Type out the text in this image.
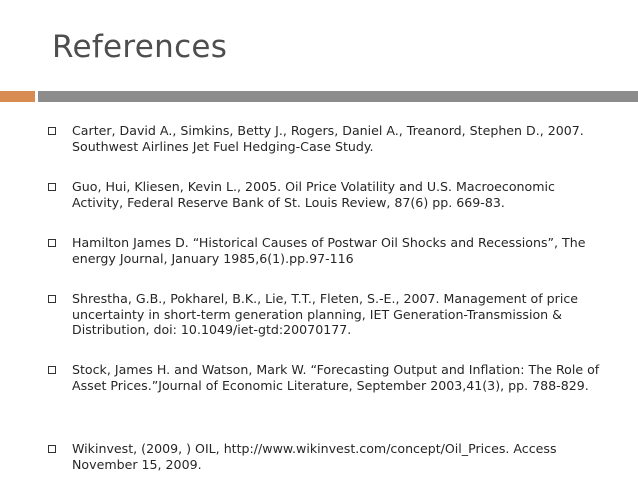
References
Carter, David A., Simkins, Betty J., Rogers, Daniel A., Treanord, Stephen D., 2007. Southwest Airlines Jet Fuel Hedging-Case Study.
Guo, Hui, Kliesen, Kevin L., 2005. Oil Price Volatility and U.S. Macroeconomic Activity, Federal Reserve Bank of St. Louis Review, 87(6) pp. 669-83.
Hamilton James D. “Historical Causes of Postwar Oil Shocks and Recessions”, The energy Journal, January 1985,6(1).pp.97-116
Shrestha, G.B., Pokharel, B.K., Lie, T.T., Fleten, S.-E., 2007. Management of price uncertainty in short-term generation planning, IET Generation-Transmission & Distribution, doi: 10.1049/iet-gtd:20070177.
Stock, James H. and Watson, Mark W. “Forecasting Output and Inflation: The Role of Asset Prices.”Journal of Economic Literature, September 2003,41(3), pp. 788-829.
Wikinvest, (2009, ) OIL, http://www.wikinvest.com/concept/Oil_Prices. Access November 15, 2009.
